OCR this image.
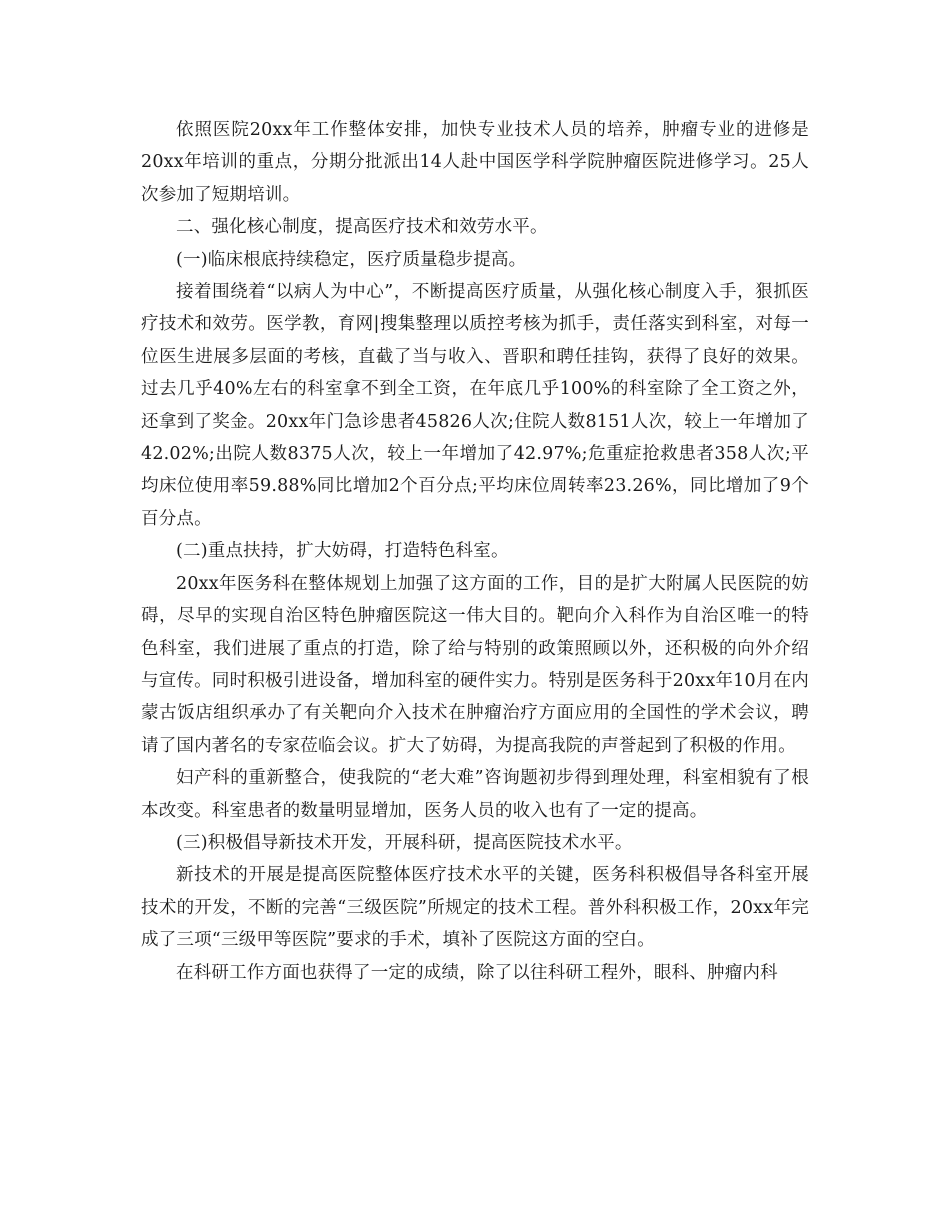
依照医院20xx年工作整体安排，加快专业技术人员的培养，肿瘤专业的进修是20xx年培训的重点，分期分批派出14人赴中国医学科学院肿瘤医院进修学习。25人次参加了短期培训。

二、强化核心制度，提高医疗技术和效劳水平。

(一)临床根底持续稳定，医疗质量稳步提高。

接着围绕着“以病人为中心”，不断提高医疗质量，从强化核心制度入手，狠抓医疗技术和效劳。医学教，育网|搜集整理以质控考核为抓手，责任落实到科室，对每一位医生进展多层面的考核，直截了当与收入、晋职和聘任挂钩，获得了良好的效果。过去几乎40%左右的科室拿不到全工资，在年底几乎100%的科室除了全工资之外，还拿到了奖金。20xx年门急诊患者45826人次;住院人数8151人次，较上一年增加了42.02%;出院人数8375人次，较上一年增加了42.97%;危重症抢救患者358人次;平均床位使用率59.88%同比增加2个百分点;平均床位周转率23.26%，同比增加了9个百分点。

(二)重点扶持，扩大妨碍，打造特色科室。

20xx年医务科在整体规划上加强了这方面的工作，目的是扩大附属人民医院的妨碍，尽早的实现自治区特色肿瘤医院这一伟大目的。靶向介入科作为自治区唯一的特色科室，我们进展了重点的打造，除了给与特别的政策照顾以外，还积极的向外介绍与宣传。同时积极引进设备，增加科室的硬件实力。特别是医务科于20xx年10月在内蒙古饭店组织承办了有关靶向介入技术在肿瘤治疗方面应用的全国性的学术会议，聘请了国内著名的专家莅临会议。扩大了妨碍，为提高我院的声誉起到了积极的作用。

妇产科的重新整合，使我院的“老大难”咨询题初步得到理处理，科室相貌有了根本改变。科室患者的数量明显增加，医务人员的收入也有了一定的提高。

(三)积极倡导新技术开发，开展科研，提高医院技术水平。

新技术的开展是提高医院整体医疗技术水平的关键，医务科积极倡导各科室开展技术的开发，不断的完善“三级医院”所规定的技术工程。普外科积极工作，20xx年完成了三项“三级甲等医院”要求的手术，填补了医院这方面的空白。

在科研工作方面也获得了一定的成绩，除了以往科研工程外，眼科、肿瘤内科
